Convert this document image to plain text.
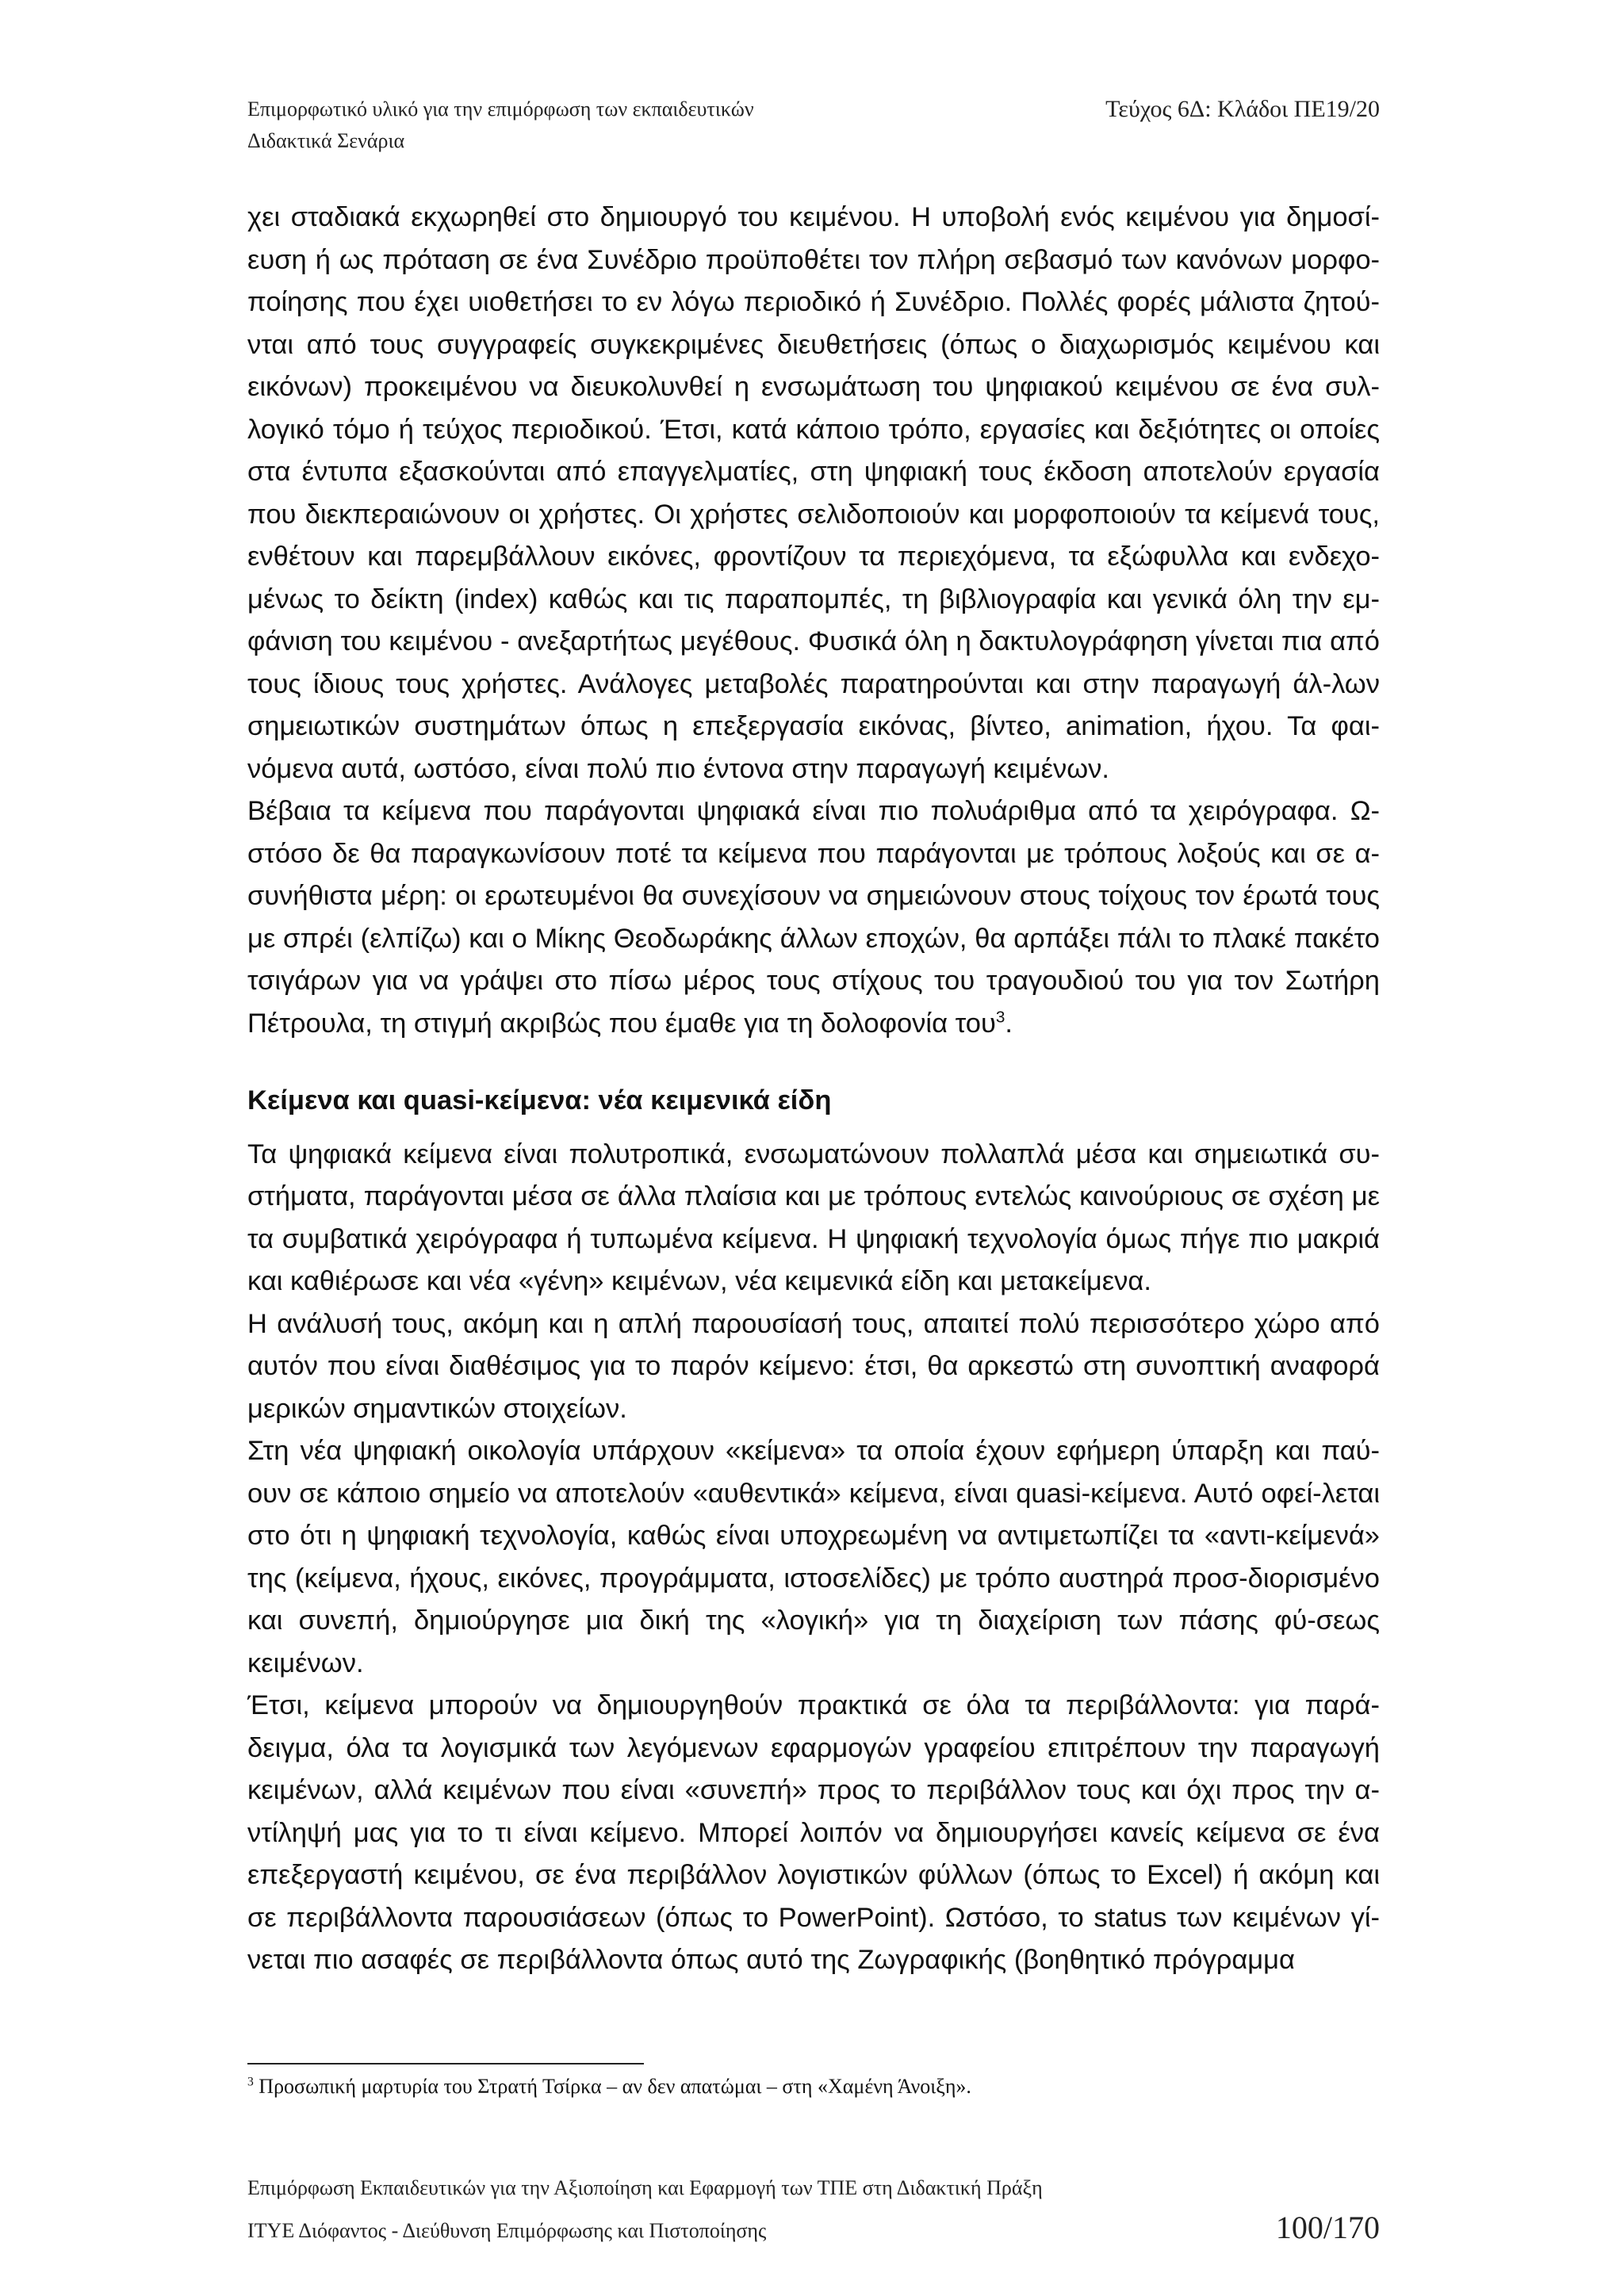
Επιμορφωτικό υλικό για την επιμόρφωση των εκπαιδευτικών
Διδακτικά Σενάρια
Τεύχος 6Δ: Κλάδοι ΠΕ19/20

χει σταδιακά εκχωρηθεί στο δημιουργό του κειμένου. Η υποβολή ενός κειμένου για δημοσί-ευση ή ως πρόταση σε ένα Συνέδριο προϋποθέτει τον πλήρη σεβασμό των κανόνων μορφο-ποίησης που έχει υιοθετήσει το εν λόγω περιοδικό ή Συνέδριο. Πολλές φορές μάλιστα ζητού-νται από τους συγγραφείς συγκεκριμένες διευθετήσεις (όπως ο διαχωρισμός κειμένου και εικόνων) προκειμένου να διευκολυνθεί η ενσωμάτωση του ψηφιακού κειμένου σε ένα συλ-λογικό τόμο ή τεύχος περιοδικού. Έτσι, κατά κάποιο τρόπο, εργασίες και δεξιότητες οι οποίες στα έντυπα εξασκούνται από επαγγελματίες, στη ψηφιακή τους έκδοση αποτελούν εργασία που διεκπεραιώνουν οι χρήστες. Οι χρήστες σελιδοποιούν και μορφοποιούν τα κείμενά τους, ενθέτουν και παρεμβάλλουν εικόνες, φροντίζουν τα περιεχόμενα, τα εξώφυλλα και ενδεχο-μένως το δείκτη (index) καθώς και τις παραπομπές, τη βιβλιογραφία και γενικά όλη την εμ-φάνιση του κειμένου - ανεξαρτήτως μεγέθους. Φυσικά όλη η δακτυλογράφηση γίνεται πια από τους ίδιους τους χρήστες. Ανάλογες μεταβολές παρατηρούνται και στην παραγωγή άλ-λων σημειωτικών συστημάτων όπως η επεξεργασία εικόνας, βίντεο, animation, ήχου. Τα φαι-νόμενα αυτά, ωστόσο, είναι πολύ πιο έντονα στην παραγωγή κειμένων.

Βέβαια τα κείμενα που παράγονται ψηφιακά είναι πιο πολυάριθμα από τα χειρόγραφα. Ω-στόσο δε θα παραγκωνίσουν ποτέ τα κείμενα που παράγονται με τρόπους λοξούς και σε α-συνήθιστα μέρη: οι ερωτευμένοι θα συνεχίσουν να σημειώνουν στους τοίχους τον έρωτά τους με σπρέι (ελπίζω) και ο Μίκης Θεοδωράκης άλλων εποχών, θα αρπάξει πάλι το πλακέ πακέτο τσιγάρων για να γράψει στο πίσω μέρος τους στίχους του τραγουδιού του για τον Σωτήρη Πέτρουλα, τη στιγμή ακριβώς που έμαθε για τη δολοφονία του$^3$.

Κείμενα και quasi-κείμενα: νέα κειμενικά είδη

Τα ψηφιακά κείμενα είναι πολυτροπικά, ενσωματώνουν πολλαπλά μέσα και σημειωτικά συ-στήματα, παράγονται μέσα σε άλλα πλαίσια και με τρόπους εντελώς καινούριους σε σχέση με τα συμβατικά χειρόγραφα ή τυπωμένα κείμενα. Η ψηφιακή τεχνολογία όμως πήγε πιο μακριά και καθιέρωσε και νέα «γένη» κειμένων, νέα κειμενικά είδη και μετακείμενα.

Η ανάλυσή τους, ακόμη και η απλή παρουσίασή τους, απαιτεί πολύ περισσότερο χώρο από αυτόν που είναι διαθέσιμος για το παρόν κείμενο: έτσι, θα αρκεστώ στη συνοπτική αναφορά μερικών σημαντικών στοιχείων.

Στη νέα ψηφιακή οικολογία υπάρχουν «κείμενα» τα οποία έχουν εφήμερη ύπαρξη και παύ-ουν σε κάποιο σημείο να αποτελούν «αυθεντικά» κείμενα, είναι quasi-κείμενα. Αυτό οφεί-λεται στο ότι η ψηφιακή τεχνολογία, καθώς είναι υποχρεωμένη να αντιμετωπίζει τα «αντι-κείμενά» της (κείμενα, ήχους, εικόνες, προγράμματα, ιστοσελίδες) με τρόπο αυστηρά προσ-διορισμένο και συνεπή, δημιούργησε μια δική της «λογική» για τη διαχείριση των πάσης φύ-σεως κειμένων.

Έτσι, κείμενα μπορούν να δημιουργηθούν πρακτικά σε όλα τα περιβάλλοντα: για παρά-δειγμα, όλα τα λογισμικά των λεγόμενων εφαρμογών γραφείου επιτρέπουν την παραγωγή κειμένων, αλλά κειμένων που είναι «συνεπή» προς το περιβάλλον τους και όχι προς την α-ντίληψή μας για το τι είναι κείμενο. Μπορεί λοιπόν να δημιουργήσει κανείς κείμενα σε ένα επεξεργαστή κειμένου, σε ένα περιβάλλον λογιστικών φύλλων (όπως το Excel) ή ακόμη και σε περιβάλλοντα παρουσιάσεων (όπως το PowerPoint). Ωστόσο, το status των κειμένων γί-νεται πιο ασαφές σε περιβάλλοντα όπως αυτό της Ζωγραφικής (βοηθητικό πρόγραμμα

$^3$ Προσωπική μαρτυρία του Στρατή Τσίρκα – αν δεν απατώμαι – στη «Χαμένη Άνοιξη».
Επιμόρφωση Εκπαιδευτικών για την Αξιοποίηση και Εφαρμογή των ΤΠΕ στη Διδακτική Πράξη
ΙΤΥΕ Διόφαντος - Διεύθυνση Επιμόρφωσης και Πιστοποίησης	100/170
